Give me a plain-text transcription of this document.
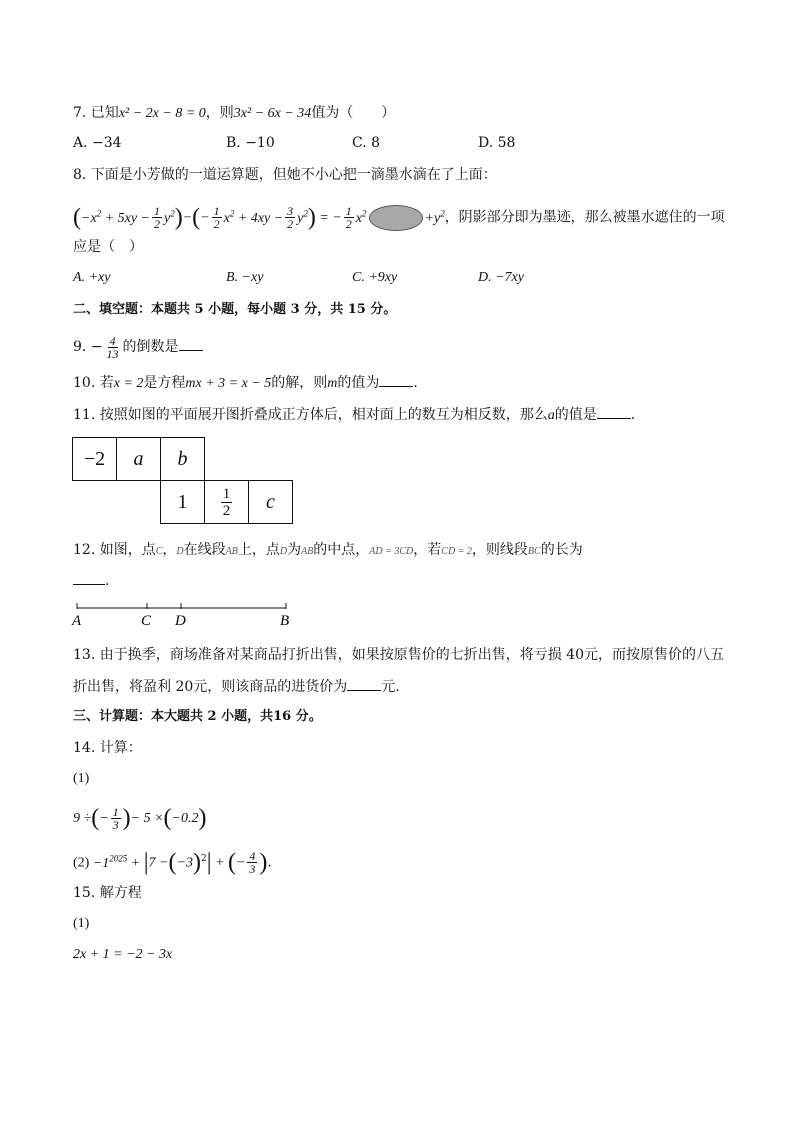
7. 已知x² − 2x − 8 = 0，则3x² − 6x − 34值为（　　）
A. −34	B. −10	C. 8	D. 58
8. 下面是小芳做的一道运算题，但她不小心把一滴墨水滴在了上面：
$(-x^2 + 5xy - \frac{1}{2} y^2)-(- \frac{1}{2} x^2 + 4xy - \frac{3}{2} y^2)$ = − $\frac{1}{2} x^2$	$+y^2$，阴影部分即为墨迹，那么被墨水遮住的一项
应是（　）
A. +xy	B. −xy	C. +9xy	D. −7xy
二、填空题：本题共 5 小题，每小题 3 分，共 15 分。
9. − $\frac{4}{13}$ 的倒数是
10. 若x = 2是方程mx + 3 = x − 5的解，则m的值为 .
11. 按照如图的平面展开图折叠成正方体后，相对面上的数互为相反数，那么a的值是 .
−2	a	b
1	$\frac{1}{2}$	c
12. 如图，点C，D在线段AB上，点D为AB的中点，AD = 3CD，若CD = 2，则线段BC的长为
.
A	C D	B
13. 由于换季，商场准备对某商品打折出售，如果按原售价的七折出售，将亏损 40元，而按原售价的八五
折出售，将盈利 20元，则该商品的进货价为 元.
三、计算题：本大题共 2 小题，共16 分。
14. 计算：
(1)
9 ÷(− $\frac{1}{3}$ )− 5 ×(−0.2)
$(2) -1^{2025} + |7 -(-3)^2|$ + (− $\frac{4}{3}$ ).
15. 解方程
(1)
2x + 1 = −2 − 3x
